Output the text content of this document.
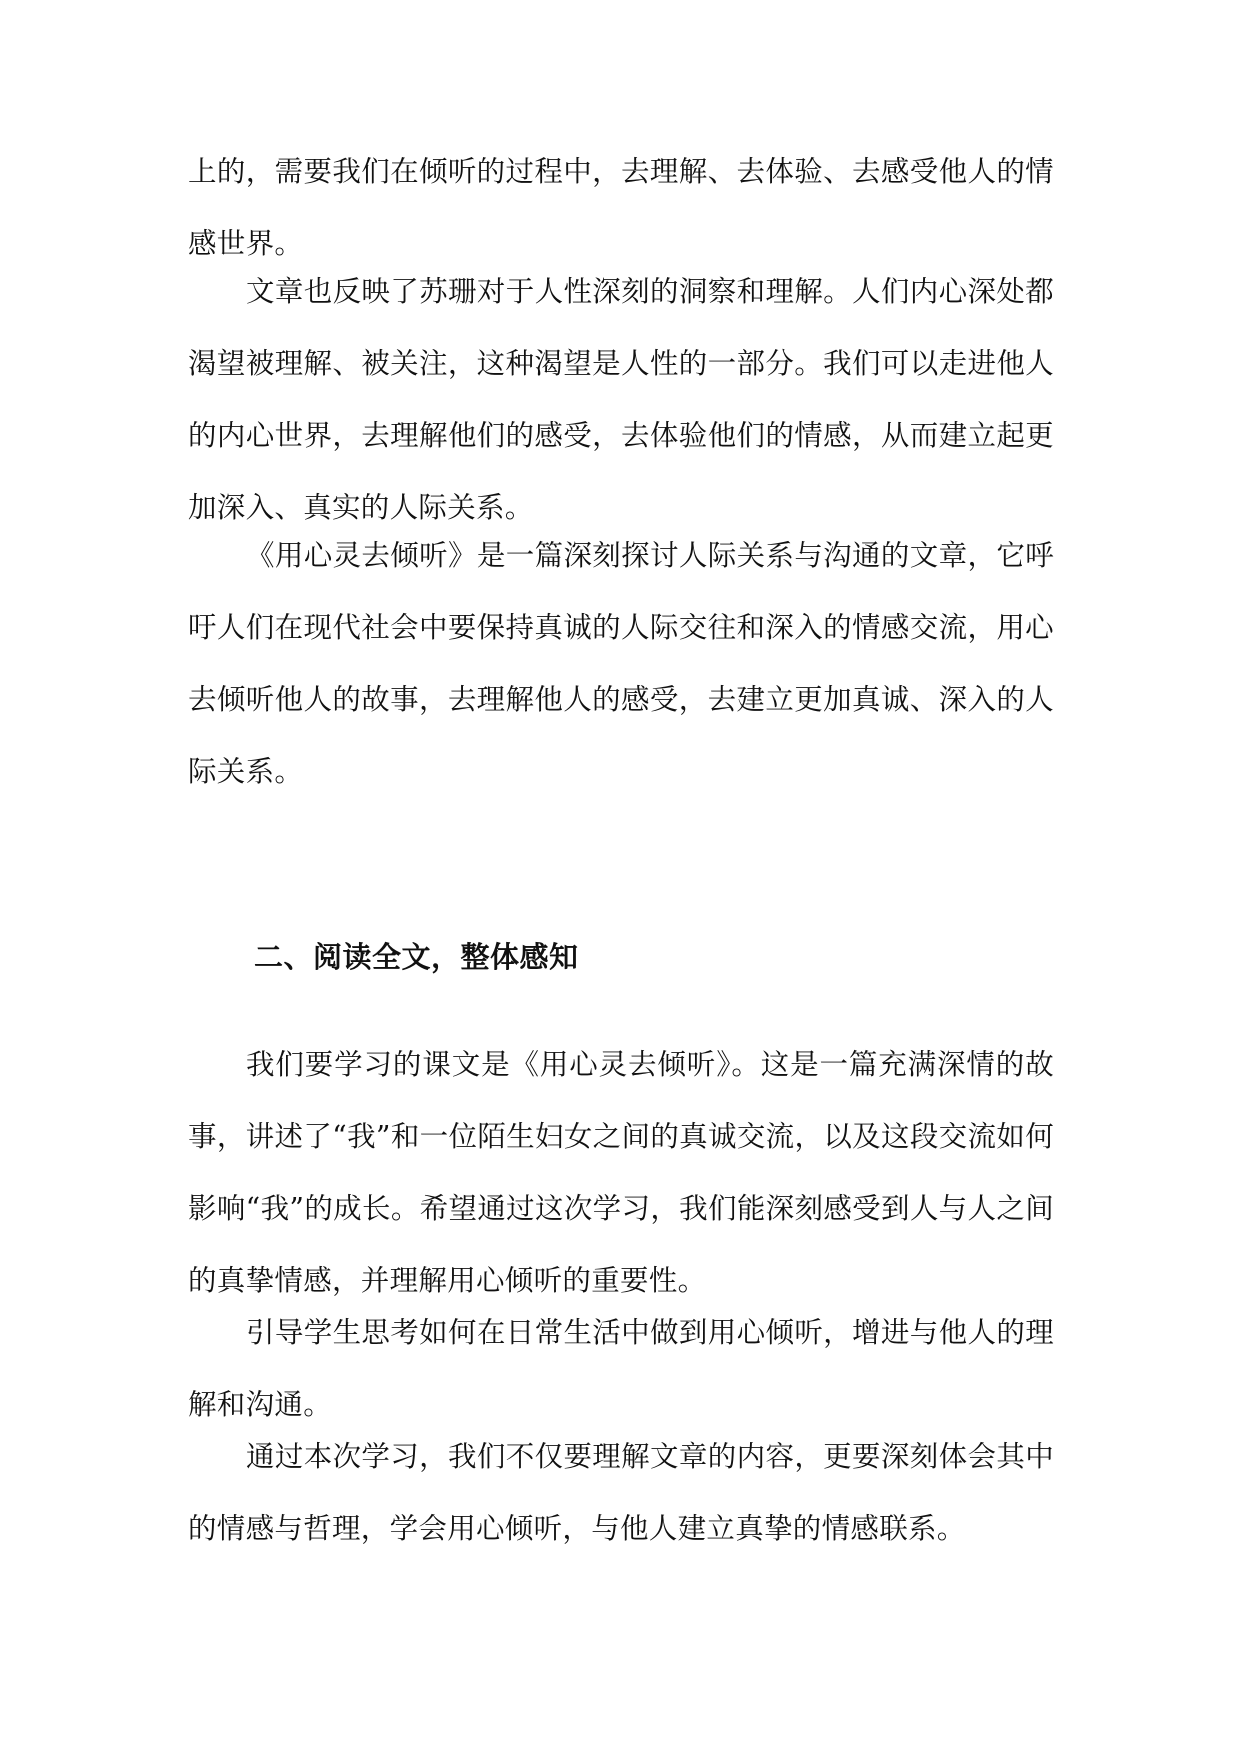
上的，需要我们在倾听的过程中，去理解、去体验、去感受他人的情感世界。

文章也反映了苏珊对于人性深刻的洞察和理解。人们内心深处都渴望被理解、被关注，这种渴望是人性的一部分。我们可以走进他人的内心世界，去理解他们的感受，去体验他们的情感，从而建立起更加深入、真实的人际关系。

《用心灵去倾听》是一篇深刻探讨人际关系与沟通的文章，它呼吁人们在现代社会中要保持真诚的人际交往和深入的情感交流，用心去倾听他人的故事，去理解他人的感受，去建立更加真诚、深入的人际关系。

二、阅读全文，整体感知

我们要学习的课文是《用心灵去倾听》。这是一篇充满深情的故事，讲述了“我”和一位陌生妇女之间的真诚交流，以及这段交流如何影响“我”的成长。希望通过这次学习，我们能深刻感受到人与人之间的真挚情感，并理解用心倾听的重要性。

引导学生思考如何在日常生活中做到用心倾听，增进与他人的理解和沟通。

通过本次学习，我们不仅要理解文章的内容，更要深刻体会其中的情感与哲理，学会用心倾听，与他人建立真挚的情感联系。
